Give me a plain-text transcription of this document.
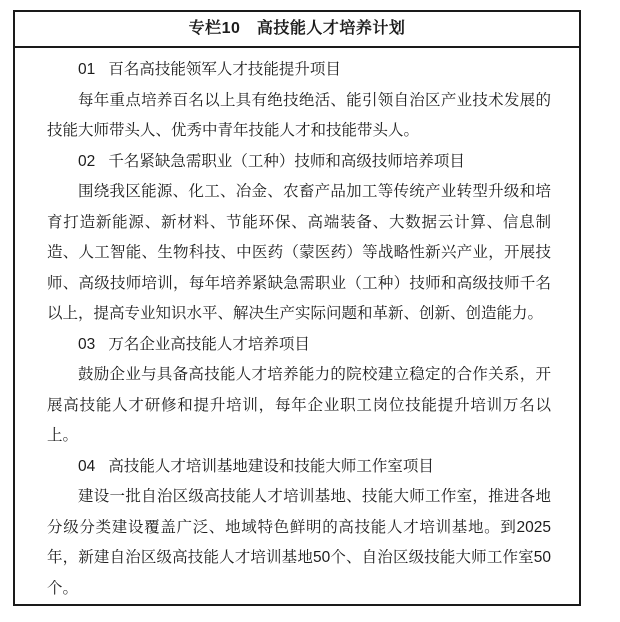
专栏10　高技能人才培养计划

01 百名高技能领军人才技能提升项目

每年重点培养百名以上具有绝技绝活、能引领自治区产业技术发展的技能大师带头人、优秀中青年技能人才和技能带头人。

02 千名紧缺急需职业（工种）技师和高级技师培养项目

围绕我区能源、化工、冶金、农畜产品加工等传统产业转型升级和培育打造新能源、新材料、节能环保、高端装备、大数据云计算、信息制造、人工智能、生物科技、中医药（蒙医药）等战略性新兴产业，开展技师、高级技师培训，每年培养紧缺急需职业（工种）技师和高级技师千名以上，提高专业知识水平、解决生产实际问题和革新、创新、创造能力。

03 万名企业高技能人才培养项目

鼓励企业与具备高技能人才培养能力的院校建立稳定的合作关系，开展高技能人才研修和提升培训，每年企业职工岗位技能提升培训万名以上。

04 高技能人才培训基地建设和技能大师工作室项目

建设一批自治区级高技能人才培训基地、技能大师工作室，推进各地分级分类建设覆盖广泛、地域特色鲜明的高技能人才培训基地。到2025年，新建自治区级高技能人才培训基地50个、自治区级技能大师工作室50个。
